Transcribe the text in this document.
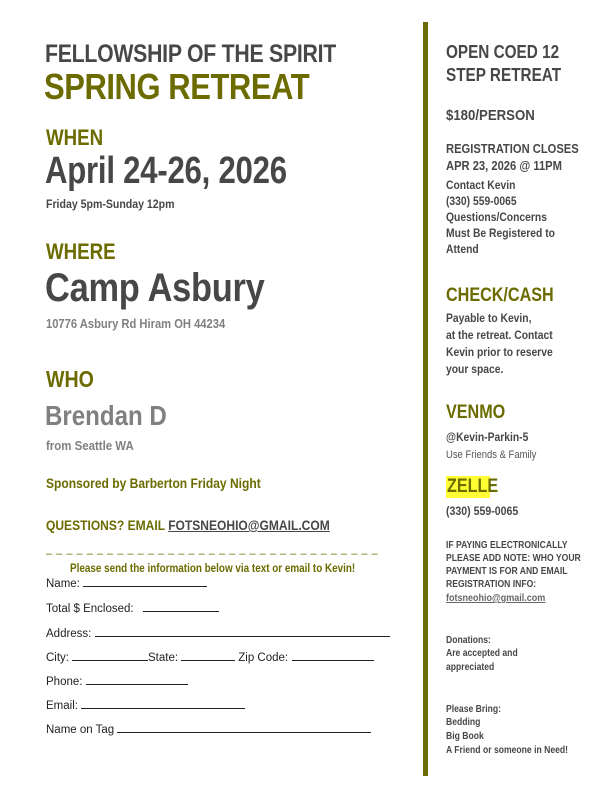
FELLOWSHIP OF THE SPIRIT
SPRING RETREAT
WHEN
April 24-26, 2026
Friday 5pm-Sunday 12pm
WHERE
Camp Asbury
10776 Asbury Rd Hiram OH 44234
WHO
Brendan D
from Seattle WA
Sponsored by Barberton Friday Night
QUESTIONS? EMAIL FOTSNEOHIO@GMAIL.COM
– – – – – – – – – – – – – – – – – – – – – – – – – – – – – – – – –
Please send the information below via text or email to Kevin!
Name:
Total $ Enclosed:
Address:
City:	State:	Zip Code:
Phone:
Email:
Name on Tag
OPEN COED 12
STEP RETREAT
$180/PERSON
REGISTRATION CLOSES
APR 23, 2026 @ 11PM
Contact Kevin
(330) 559-0065
Questions/Concerns
Must Be Registered to
Attend
CHECK/CASH
Payable to Kevin,
at the retreat. Contact
Kevin prior to reserve
your space.
VENMO
@Kevin-Parkin-5
Use Friends & Family
ZELLE
(330) 559-0065
IF PAYING ELECTRONICALLY
PLEASE ADD NOTE: WHO YOUR
PAYMENT IS FOR AND EMAIL
REGISTRATION INFO:
fotsneohio@gmail.com
Donations:
Are accepted and
appreciated
Please Bring:
Bedding
Big Book
A Friend or someone in Need!
